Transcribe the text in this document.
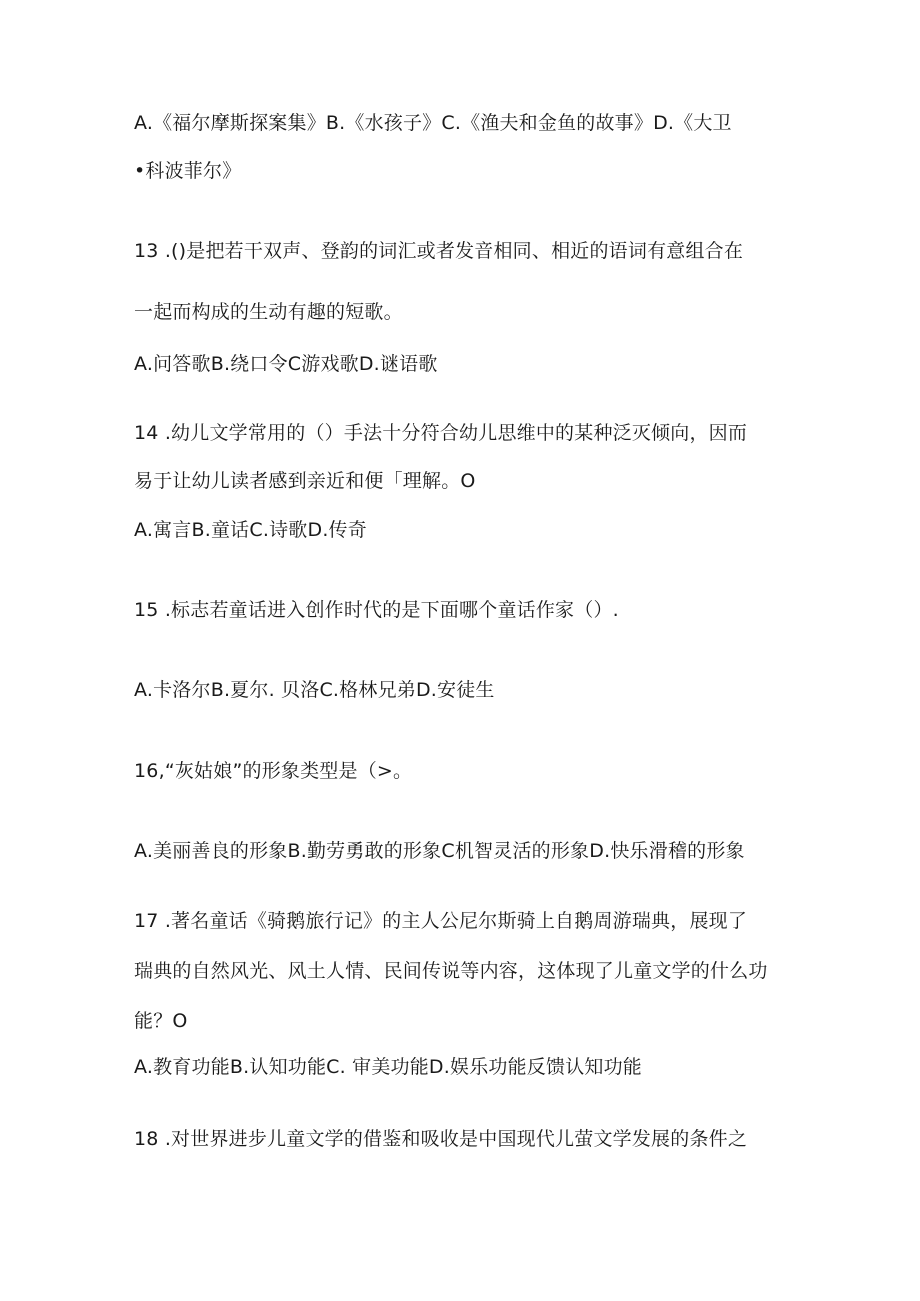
A.《福尔摩斯探案集》B.《水孩子》C.《渔夫和金鱼的故事》D.《大卫
•科波菲尔》
13 .()是把若干双声、登韵的词汇或者发音相同、相近的语词有意组合在
一起而构成的生动有趣的短歌。
A.问答歌B.绕口令C游戏歌D.谜语歌
14 .幼儿文学常用的（）手法十分符合幼儿思维中的某种泛灭倾向，因而
易于让幼儿读者感到亲近和便「理解。O
A.寓言B.童话C.诗歌D.传奇
15 .标志若童话进入创作时代的是下面哪个童话作家（）.
A.卡洛尔B.夏尔. 贝洛C.格林兄弟D.安徒生
16,“灰姑娘”的形象类型是（>。
A.美丽善良的形象B.勤劳勇敢的形象C机智灵活的形象D.快乐滑稽的形象
17 .著名童话《骑鹅旅行记》的主人公尼尔斯骑上自鹅周游瑞典，展现了
瑞典的自然风光、风土人情、民间传说等内容，这体现了儿童文学的什么功
能？O
A.教育功能B.认知功能C. 审美功能D.娱乐功能反馈认知功能
18 .对世界进步儿童文学的借鉴和吸收是中国现代儿萤文学发展的条件之
